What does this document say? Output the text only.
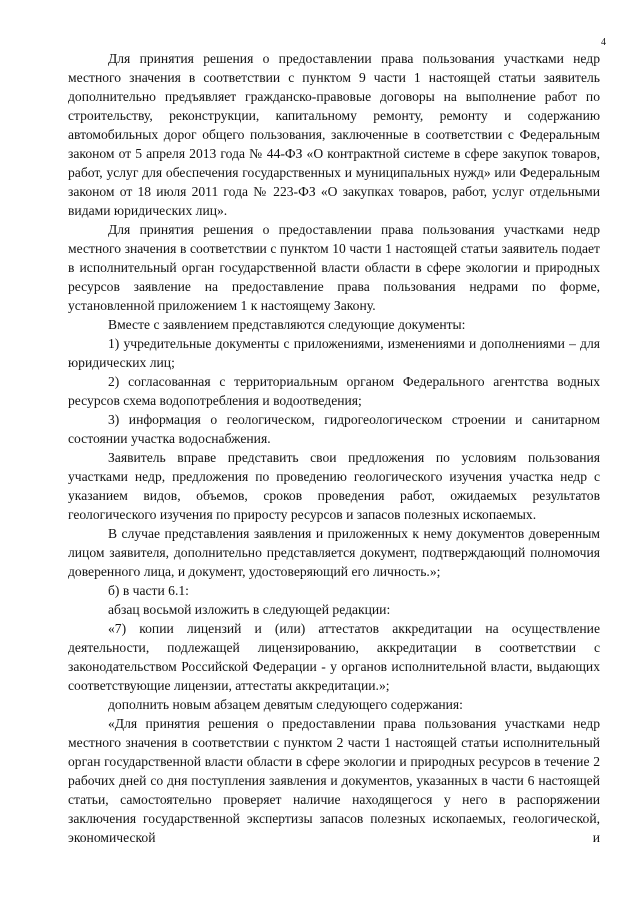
4

Для принятия решения о предоставлении права пользования участками недр местного значения в соответствии с пунктом 9 части 1 настоящей статьи заявитель дополнительно предъявляет гражданско-правовые договоры на выполнение работ по строительству, реконструкции, капитальному ремонту, ремонту и содержанию автомобильных дорог общего пользования, заключенные в соответствии с Федеральным законом от 5 апреля 2013 года № 44-ФЗ «О контрактной системе в сфере закупок товаров, работ, услуг для обеспечения государственных и муниципальных нужд» или Федеральным законом от 18 июля 2011 года № 223-ФЗ «О закупках товаров, работ, услуг отдельными видами юридических лиц».

Для принятия решения о предоставлении права пользования участками недр местного значения в соответствии с пунктом 10 части 1 настоящей статьи заявитель подает в исполнительный орган государственной власти области в сфере экологии и природных ресурсов заявление на предоставление права пользования недрами по форме, установленной приложением 1 к настоящему Закону.

Вместе с заявлением представляются следующие документы:

1) учредительные документы с приложениями, изменениями и дополнениями – для юридических лиц;

2) согласованная с территориальным органом Федерального агентства водных ресурсов схема водопотребления и водоотведения;

3) информация о геологическом, гидрогеологическом строении и санитарном состоянии участка водоснабжения.

Заявитель вправе представить свои предложения по условиям пользования участками недр, предложения по проведению геологического изучения участка недр с указанием видов, объемов, сроков проведения работ, ожидаемых результатов геологического изучения по приросту ресурсов и запасов полезных ископаемых.

В случае представления заявления и приложенных к нему документов доверенным лицом заявителя, дополнительно представляется документ, подтверждающий полномочия доверенного лица, и документ, удостоверяющий его личность.»;

б) в части 6.1:

абзац восьмой изложить в следующей редакции:

«7) копии лицензий и (или) аттестатов аккредитации на осуществление деятельности, подлежащей лицензированию, аккредитации в соответствии с законодательством Российской Федерации - у органов исполнительной власти, выдающих соответствующие лицензии, аттестаты аккредитации.»;

дополнить новым абзацем девятым следующего содержания:

«Для принятия решения о предоставлении права пользования участками недр местного значения в соответствии с пунктом 2 части 1 настоящей статьи исполнительный орган государственной власти области в сфере экологии и природных ресурсов в течение 2 рабочих дней со дня поступления заявления и документов, указанных в части 6 настоящей статьи, самостоятельно проверяет наличие находящегося у него в распоряжении заключения государственной экспертизы запасов полезных ископаемых, геологической, экономической и
